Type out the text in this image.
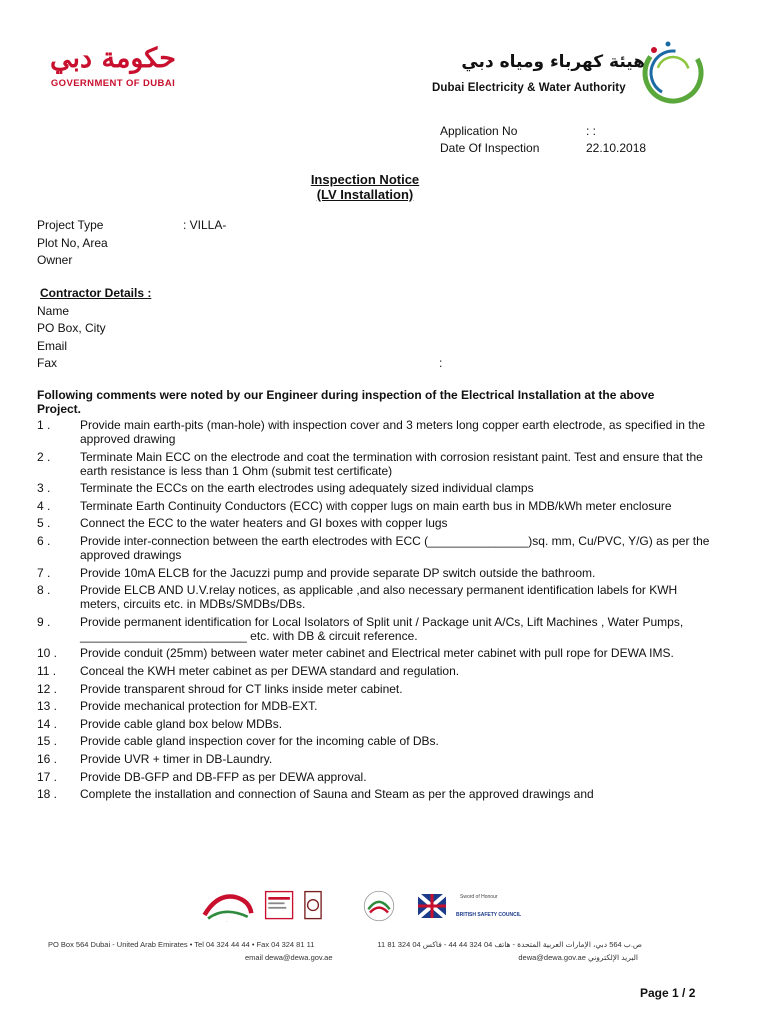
حكومة دبي
GOVERNMENT OF DUBAI
هيئة كهرباء ومياه دبي
Dubai Electricity & Water Authority
Application No	: :
Date Of Inspection	22.10.2018
Inspection Notice
(LV Installation)
Project Type	: VILLA-
Plot No, Area
Owner
Contractor Details :
Name
PO Box, City
Email
Fax	:
Following comments were noted by our Engineer during inspection of the Electrical Installation at the above Project.
1 .	Provide main earth-pits (man-hole) with inspection cover and 3 meters long copper earth electrode, as specified in the approved drawing
2 .	Terminate Main ECC on the electrode and coat the termination with corrosion resistant paint. Test and ensure that the earth resistance is less than 1 Ohm (submit test certificate)
3 .	Terminate the ECCs on the earth electrodes using adequately sized individual clamps
4 .	Terminate Earth Continuity Conductors (ECC) with copper lugs on main earth bus in MDB/kWh meter enclosure
5 .	Connect the ECC to the water heaters and GI boxes with copper lugs
6 .	Provide inter-connection between the earth electrodes with ECC (_______________)sq. mm, Cu/PVC, Y/G) as per the approved drawings
7 .	Provide 10mA ELCB for the Jacuzzi pump and provide separate DP switch outside the bathroom.
8 .	Provide ELCB AND U.V.relay notices, as applicable ,and also necessary permanent identification labels for KWH meters, circuits etc. in MDBs/SMDBs/DBs.
9 .	Provide permanent identification for Local Isolators of Split unit / Package unit A/Cs, Lift Machines , Water Pumps, _________________________ etc. with DB & circuit reference.
10 .	Provide conduit (25mm) between water meter cabinet and Electrical meter cabinet with pull rope for DEWA IMS.
11 .	Conceal the KWH meter cabinet as per DEWA standard and regulation.
12 .	Provide transparent shroud for CT links inside meter cabinet.
13 .	Provide mechanical protection for MDB-EXT.
14 .	Provide cable gland box below MDBs.
15 .	Provide cable gland inspection cover for the incoming cable of DBs.
16 .	Provide UVR + timer in DB-Laundry.
17 .	Provide DB-GFP and DB-FFP as per DEWA approval.
18 .	Complete the installation and connection of Sauna and Steam as per the approved drawings and
·
Sword of Honour
BRITISH SAFETY COUNCIL
PO Box 564 Dubai - United Arab Emirates • Tel 04 324 44 44 • Fax 04 324 81 11	ص.ب 564 دبي، الإمارات العربية المتحدة - هاتف 04 324 44 44 - فاكس 04 324 81 11
email dewa@dewa.gov.ae	dewa@dewa.gov.ae البريد الإلكتروني
Page 1 / 2
